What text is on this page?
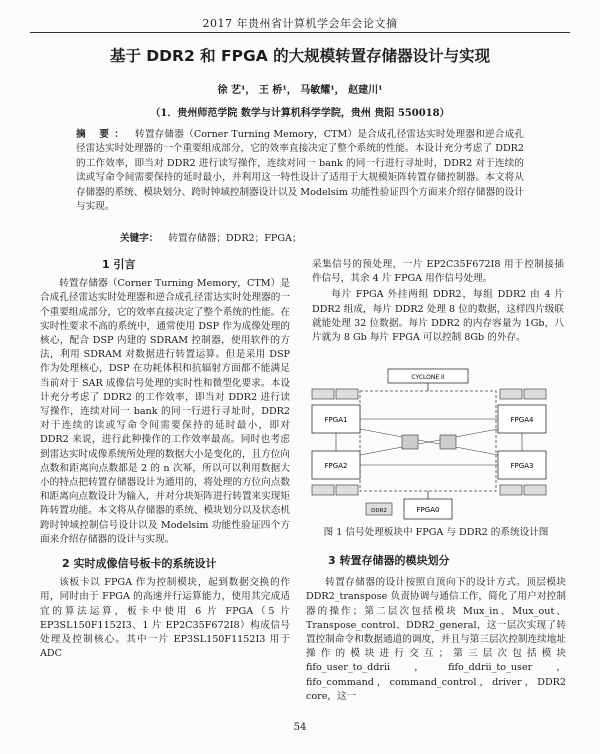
2017 年贵州省计算机学会年会论文摘
基于 DDR2 和 FPGA 的大规模转置存储器设计与实现
徐 艺¹， 王 桥¹， 马敏耀¹， 赵建川¹
（1．贵州师范学院 数学与计算机科学学院，贵州 贵阳 550018）
摘 要： 转置存储器（Corner Turning Memory，CTM）是合成孔径雷达实时处理器和逆合成孔径雷达实时处理器的一个重要组成部分，它的效率直接决定了整个系统的性能。本设计充分考虑了 DDR2 的工作效率，即当对 DDR2 进行读写操作，连续对同一 bank 的同一行进行寻址时，DDR2 对于连续的读或写命令间需要保持的延时最小，并利用这一特性设计了适用于大规模矩阵转置存储控制器。本文将从存储器的系统、模块划分、跨时钟域控制器设计以及 Modelsim 功能性验证四个方面来介绍存储器的设计与实现。
关键字： 转置存储器；DDR2；FPGA；
1 引言

转置存储器（Corner Turning Memory，CTM）是合成孔径雷达实时处理器和逆合成孔径雷达实时处理器的一个重要组成部分，它的效率直接决定了整个系统的性能。在实时性要求不高的系统中，通常使用 DSP 作为成像处理的核心，配合 DSP 内建的 SDRAM 控制器，使用软件的方法，利用 SDRAM 对数据进行转置运算。但是采用 DSP 作为处理核心，DSP 在功耗体积和抗辐射方面都不能满足当前对于 SAR 成像信号处理的实时性和微型化要求。本设计充分考虑了 DDR2 的工作效率，即当对 DDR2 进行读写操作，连续对同一 bank 的同一行进行寻址时，DDR2 对于连续的读或写命令间需要保持的延时最小，即对 DDR2 来说，进行此种操作的工作效率最高。同时也考虑到雷达实时成像系统所处理的数据大小是变化的，且方位向点数和距离向点数都是 2 的 n 次幂，所以可以利用数据大小的特点把转置存储器设计为通用的，将处理的方位向点数和距离向点数设计为输入，并对分块矩阵进行转置来实现矩阵转置功能。本文将从存储器的系统、模块划分以及状态机跨时钟域控制信号设计以及 Modelsim 功能性验证四个方面来介绍存储器的设计与实现。

2 实时成像信号板卡的系统设计

该板卡以 FPGA 作为控制模块，起到数据交换的作用，同时由于 FPGA 的高速并行运算能力，使用其完成适宜的算法运算，板卡中使用 6 片 FPGA（5 片 EP3SL150F1152I3、1 片 EP2C35F672I8）构成信号处理及控制核心。其中一片 EP3SL150F1152I3 用于 ADC

采集信号的预处理，一片 EP2C35F672I8 用于控制接插件信号，其余 4 片 FPGA 用作信号处理。

每片 FPGA 外挂两组 DDR2，每组 DDR2 由 4 片 DDR2 组成，每片 DDR2 处理 8 位的数据，这样四片级联就能处理 32 位数据。每片 DDR2 的内存容量为 1Gb，八片就为 8 Gb 每片 FPGA 可以控制 8Gb 的外存。

CYCLONE II
FPGA1	FPGA4
FPGA2	FPGA3
FPGA0
DDR2
图 1 信号处理板块中 FPGA 与 DDR2 的系统设计图
3 转置存储器的模块划分

转置存储器的设计按照自顶向下的设计方式。顶层模块 DDR2_transpose 负责协调与通信工作，简化了用户对控制器的操作；第二层次包括模块 Mux_in、Mux_out、Transpose_control、DDR2_general，这一层次实现了转置控制命令和数据通道的调度，并且与第三层次控制连续地址操作的模块进行交互；第三层次包括模块 fifo_user_to_ddrii，fifo_ddrii_to_user，fifo_command，command_control，driver，DDR2 core，这一

54
